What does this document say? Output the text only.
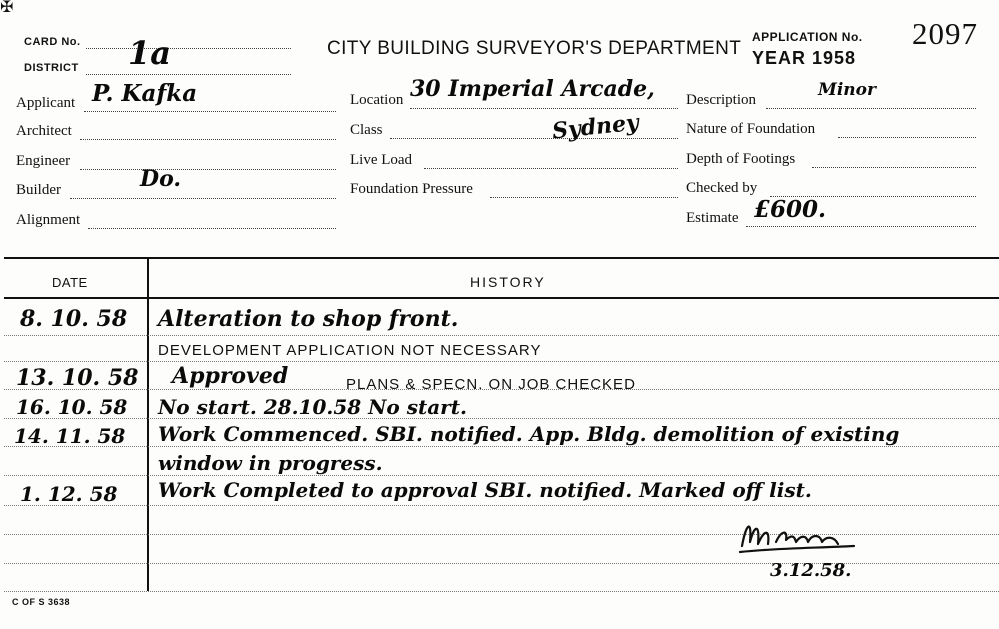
✠
CARD No.
DISTRICT 1a	CITY BUILDING SURVEYOR'S DEPARTMENT
APPLICATION No. 2097
YEAR 1958
Applicant P. Kafka
Architect
Engineer
Builder	Do.
Alignment
Location 30 Imperial Arcade,
Class	Sydney
Live Load
Foundation Pressure
Description	Minor
Nature of Foundation
Depth of Footings
Checked by
Estimate £600.
DATE	HISTORY
8. 10. 58 Alteration to shop front.
DEVELOPMENT APPLICATION NOT NECESSARY
13. 10. 58 Approved	PLANS & SPECN. ON JOB CHECKED
16. 10. 58 No start. 28.10.58 No start.
14. 11. 58 Work Commenced. SBI. notified. App. Bldg. demolition of existing
window in progress.
1. 12. 58 Work Completed to approval SBI. notified. Marked off list.
3.12.58.
C OF S 3638
